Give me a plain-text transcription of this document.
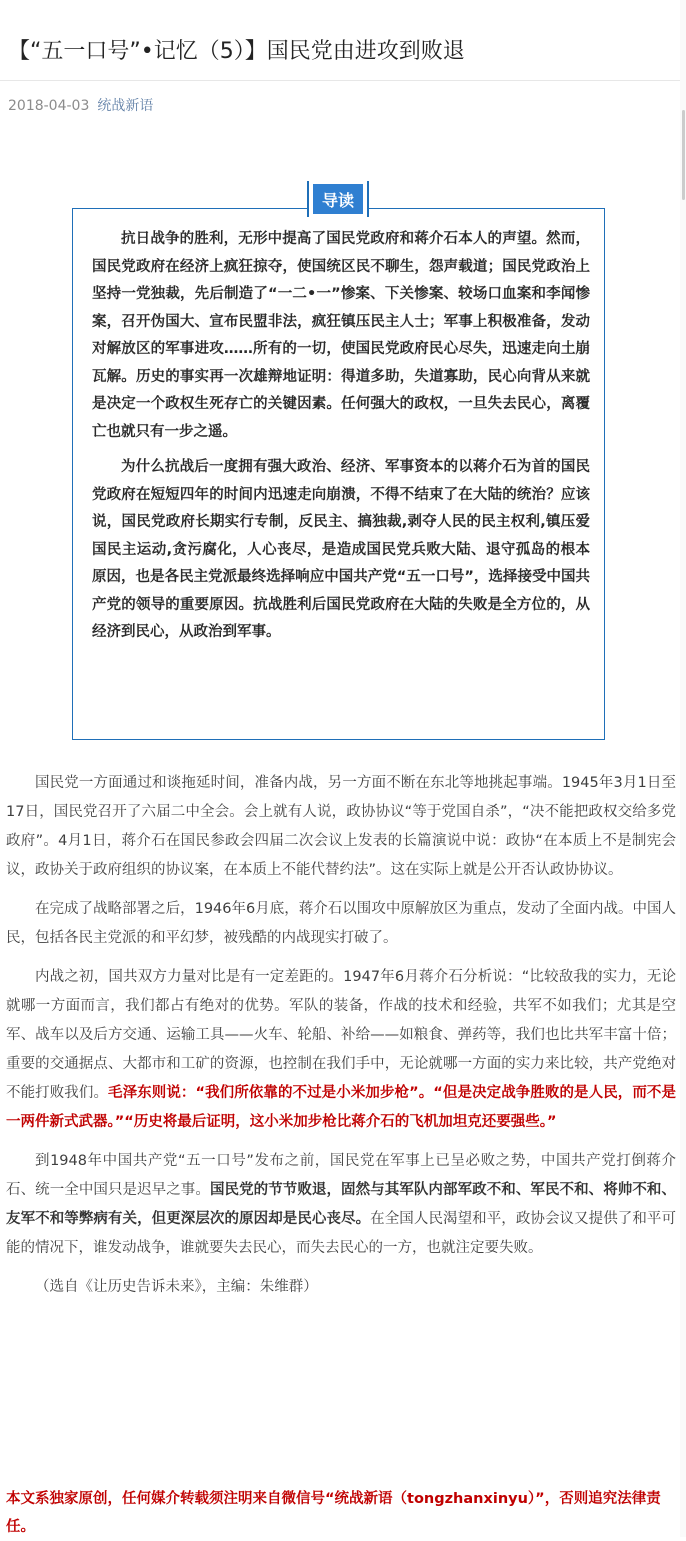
【“五一口号”•记忆（5）】国民党由进攻到败退
2018-04-03 统战新语
导读

抗日战争的胜利，无形中提高了国民党政府和蒋介石本人的声望。然而，国民党政府在经济上疯狂掠夺，使国统区民不聊生，怨声载道；国民党政治上坚持一党独裁，先后制造了“一二•一”惨案、下关惨案、较场口血案和李闻惨案，召开伪国大、宣布民盟非法，疯狂镇压民主人士；军事上积极准备，发动对解放区的军事进攻……所有的一切，使国民党政府民心尽失，迅速走向土崩瓦解。历史的事实再一次雄辩地证明：得道多助，失道寡助，民心向背从来就是决定一个政权生死存亡的关键因素。任何强大的政权，一旦失去民心，离覆亡也就只有一步之遥。

为什么抗战后一度拥有强大政治、经济、军事资本的以蒋介石为首的国民党政府在短短四年的时间内迅速走向崩溃，不得不结束了在大陆的统治？应该说，国民党政府长期实行专制，反民主、搞独裁,剥夺人民的民主权利,镇压爱国民主运动,贪污腐化，人心丧尽，是造成国民党兵败大陆、退守孤岛的根本原因，也是各民主党派最终选择响应中国共产党“五一口号”，选择接受中国共产党的领导的重要原因。抗战胜利后国民党政府在大陆的失败是全方位的，从经济到民心，从政治到军事。

国民党一方面通过和谈拖延时间，准备内战，另一方面不断在东北等地挑起事端。1945年3月1日至17日，国民党召开了六届二中全会。会上就有人说，政协协议“等于党国自杀”，“决不能把政权交给多党政府”。4月1日，蒋介石在国民参政会四届二次会议上发表的长篇演说中说：政协“在本质上不是制宪会议，政协关于政府组织的协议案，在本质上不能代替约法”。这在实际上就是公开否认政协协议。

在完成了战略部署之后，1946年6月底，蒋介石以围攻中原解放区为重点，发动了全面内战。中国人民，包括各民主党派的和平幻梦，被残酷的内战现实打破了。

内战之初，国共双方力量对比是有一定差距的。1947年6月蒋介石分析说：“比较敌我的实力，无论就哪一方面而言，我们都占有绝对的优势。军队的装备，作战的技术和经验，共军不如我们；尤其是空军、战车以及后方交通、运输工具——火车、轮船、补给——如粮食、弹药等，我们也比共军丰富十倍；重要的交通据点、大都市和工矿的资源，也控制在我们手中，无论就哪一方面的实力来比较，共产党绝对不能打败我们。毛泽东则说：“我们所依靠的不过是小米加步枪”。“但是决定战争胜败的是人民，而不是一两件新式武器。”“历史将最后证明，这小米加步枪比蒋介石的飞机加坦克还要强些。”

到1948年中国共产党“五一口号”发布之前，国民党在军事上已呈必败之势，中国共产党打倒蒋介石、统一全中国只是迟早之事。国民党的节节败退，固然与其军队内部军政不和、军民不和、将帅不和、友军不和等弊病有关，但更深层次的原因却是民心丧尽。在全国人民渴望和平，政协会议又提供了和平可能的情况下，谁发动战争，谁就要失去民心，而失去民心的一方，也就注定要失败。

（选自《让历史告诉未来》，主编：朱维群）

本文系独家原创，任何媒介转载须注明来自微信号“统战新语（tongzhanxinyu）”，否则追究法律责任。
